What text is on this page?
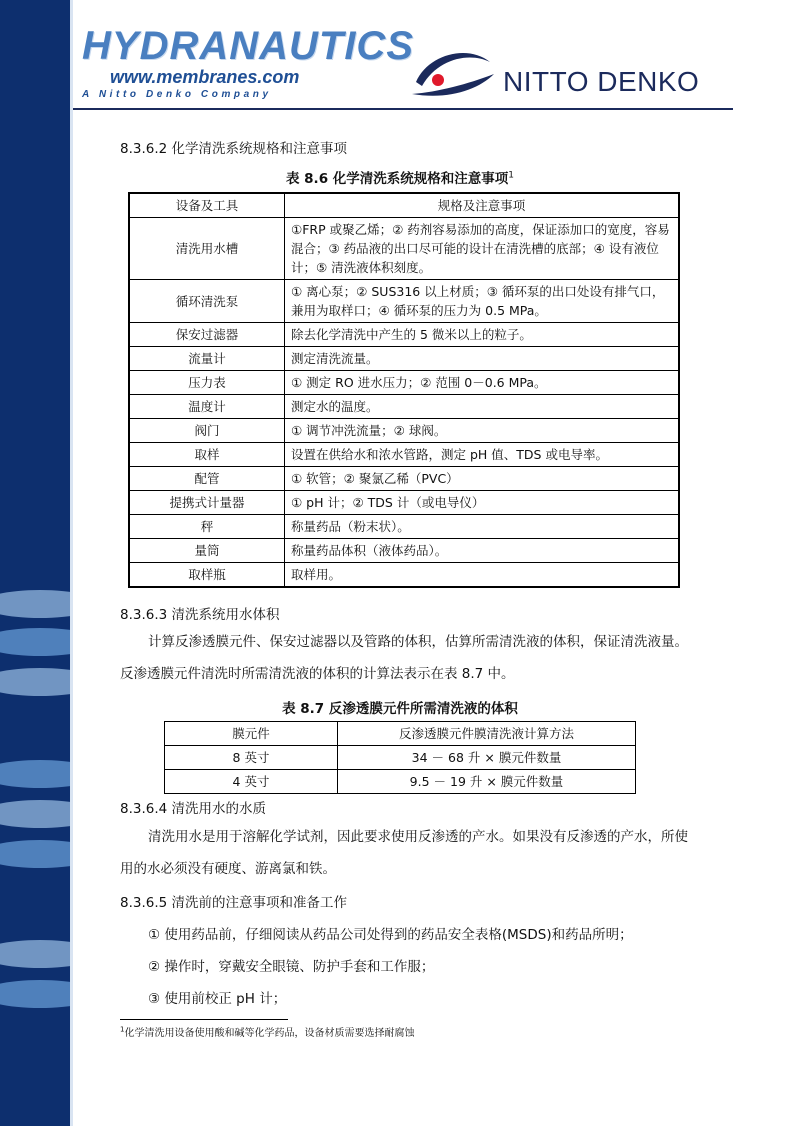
HYDRANAUTICS
www.membranes.com
A Nitto Denko Company	NITTO DENKO
8.3.6.2 化学清洗系统规格和注意事项
表 8.6 化学清洗系统规格和注意事项$^1$
设备及工具	规格及注意事项
清洗用水槽	①FRP 或聚乙烯；② 药剂容易添加的高度，保证添加口的宽度，容易混合；③ 药品液的出口尽可能的设计在清洗槽的底部；④ 设有液位计；⑤ 清洗液体积刻度。
循环清洗泵	① 离心泵；② SUS316 以上材质；③ 循环泵的出口处设有排气口，兼用为取样口；④ 循环泵的压力为 0.5 MPa。
保安过滤器	除去化学清洗中产生的 5 微米以上的粒子。
流量计	测定清洗流量。
压力表	① 测定 RO 进水压力；② 范围 0－0.6 MPa。
温度计	测定水的温度。
阀门	① 调节冲洗流量；② 球阀。
取样	设置在供给水和浓水管路，测定 pH 值、TDS 或电导率。
配管	① 软管；② 聚氯乙稀（PVC）
提携式计量器	① pH 计；② TDS 计（或电导仪）
秤	称量药品（粉末状）。
量筒	称量药品体积（液体药品）。
取样瓶	取样用。
8.3.6.3 清洗系统用水体积
计算反渗透膜元件、保安过滤器以及管路的体积，估算所需清洗液的体积，保证清洗液量。反渗透膜元件清洗时所需清洗液的体积的计算法表示在表 8.7 中。
表 8.7 反渗透膜元件所需清洗液的体积
膜元件	反渗透膜元件膜清洗液计算方法
8 英寸	34 － 68 升 × 膜元件数量
4 英寸	9.5 － 19 升 × 膜元件数量
8.3.6.4 清洗用水的水质
清洗用水是用于溶解化学试剂，因此要求使用反渗透的产水。如果没有反渗透的产水，所使用的水必须没有硬度、游离氯和铁。
8.3.6.5 清洗前的注意事项和准备工作
① 使用药品前，仔细阅读从药品公司处得到的药品安全表格(MSDS)和药品所明；
② 操作时，穿戴安全眼镜、防护手套和工作服；
③ 使用前校正 pH 计；
$^1$化学清洗用设备使用酸和碱等化学药品，设备材质需要选择耐腐蚀
